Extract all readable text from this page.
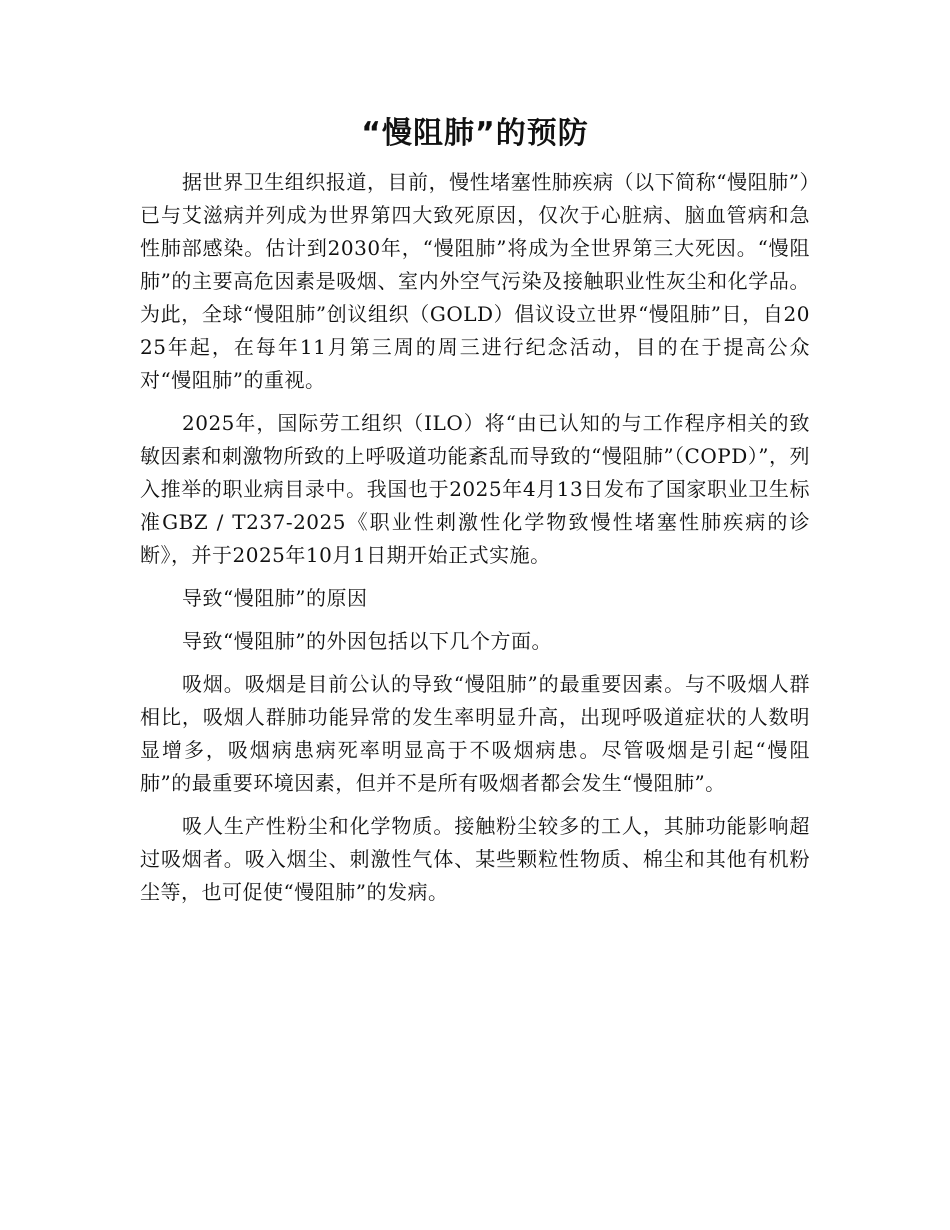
“慢阻肺”的预防

据世界卫生组织报道，目前，慢性堵塞性肺疾病（以下简称“慢阻肺”）已与艾滋病并列成为世界第四大致死原因，仅次于心脏病、脑血管病和急性肺部感染。估计到2030年，“慢阻肺”将成为全世界第三大死因。“慢阻肺”的主要高危因素是吸烟、室内外空气污染及接触职业性灰尘和化学品。为此，全球“慢阻肺”创议组织（GOLD）倡议设立世界“慢阻肺”日，自2025年起，在每年11月第三周的周三进行纪念活动，目的在于提高公众对“慢阻肺”的重视。

2025年，国际劳工组织（ILO）将“由已认知的与工作程序相关的致敏因素和刺激物所致的上呼吸道功能紊乱而导致的“慢阻肺”（COPD）”，列入推举的职业病目录中。我国也于2025年4月13日发布了国家职业卫生标准GBZ / T237-2025《职业性刺激性化学物致慢性堵塞性肺疾病的诊断》，并于2025年10月1日期开始正式实施。

导致“慢阻肺”的原因

导致“慢阻肺”的外因包括以下几个方面。

吸烟。吸烟是目前公认的导致“慢阻肺”的最重要因素。与不吸烟人群相比，吸烟人群肺功能异常的发生率明显升高，出现呼吸道症状的人数明显增多，吸烟病患病死率明显高于不吸烟病患。尽管吸烟是引起“慢阻肺”的最重要环境因素，但并不是所有吸烟者都会发生“慢阻肺”。

吸人生产性粉尘和化学物质。接触粉尘较多的工人，其肺功能影响超过吸烟者。吸入烟尘、刺激性气体、某些颗粒性物质、棉尘和其他有机粉尘等，也可促使“慢阻肺”的发病。
